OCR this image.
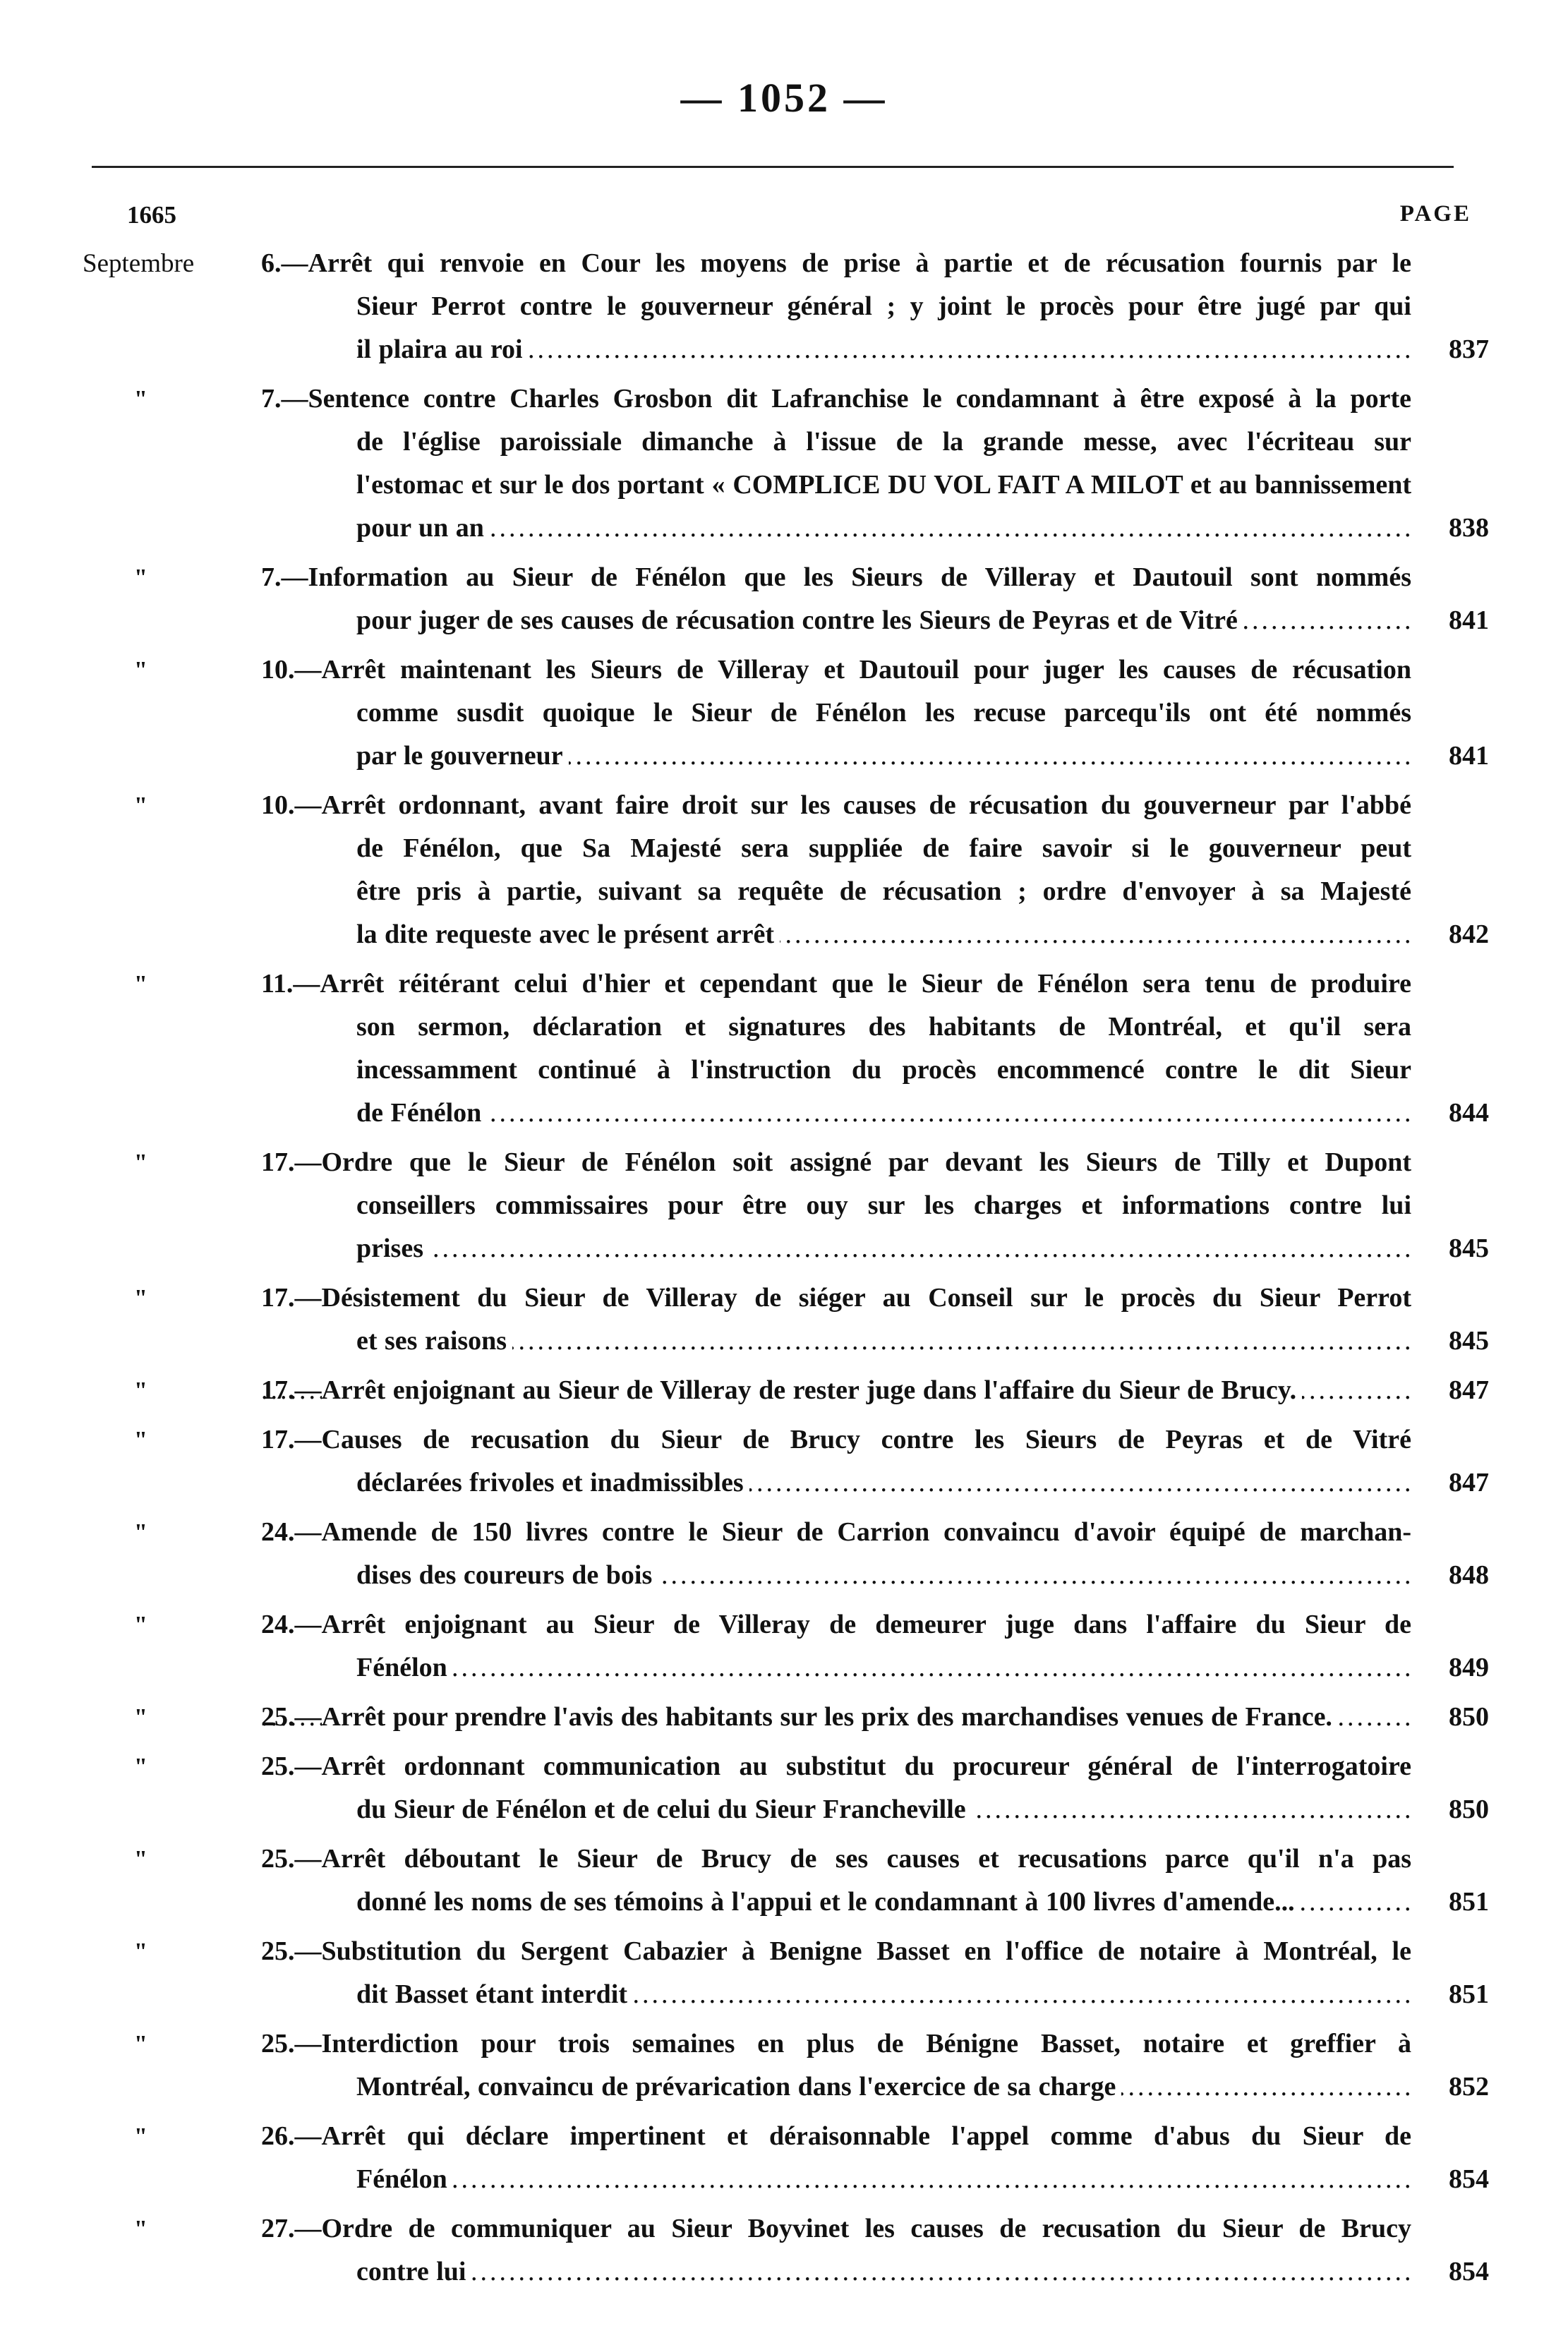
— 1052 —
1665	PAGE
Septembre 6.—Arrêt qui renvoie en Cour les moyens de prise à partie et de récusation fournis par le
Sieur Perrot contre le gouverneur général ; y joint le procès pour être jugé par qui
il plaira au roi .....	837
"	7.—Sentence contre Charles Grosbon dit Lafranchise le condamnant à être exposé à la porte
de l'église paroissiale dimanche à l'issue de la grande messe, avec l'écriteau sur
l'estomac et sur le dos portant « COMPLICE DU VOL FAIT A MILOT et au bannissement
pour un an .....	838
"	7.—Information au Sieur de Fénélon que les Sieurs de Villeray et Dautouil sont nommés
pour juger de ses causes de récusation contre les Sieurs de Peyras et de Vitré .....	841
"	10.—Arrêt maintenant les Sieurs de Villeray et Dautouil pour juger les causes de récusation
comme susdit quoique le Sieur de Fénélon les recuse parcequ'ils ont été nommés
par le gouverneur .....	841
"	10.—Arrêt ordonnant, avant faire droit sur les causes de récusation du gouverneur par l'abbé
de Fénélon, que Sa Majesté sera suppliée de faire savoir si le gouverneur peut
être pris à partie, suivant sa requête de récusation ; ordre d'envoyer à sa Majesté
la dite requeste avec le présent arrêt .....	842
"	11.—Arrêt réitérant celui d'hier et cependant que le Sieur de Fénélon sera tenu de produire
son sermon, déclaration et signatures des habitants de Montréal, et qu'il sera
incessamment continué à l'instruction du procès encommencé contre le dit Sieur
de Fénélon .....	844
"	17.—Ordre que le Sieur de Fénélon soit assigné par devant les Sieurs de Tilly et Dupont
conseillers commissaires pour être ouy sur les charges et informations contre lui
prises .....	845
"	17.—Désistement du Sieur de Villeray de siéger au Conseil sur le procès du Sieur Perrot
et ses raisons .....	845
"	17.—Arrêt enjoignant au Sieur de Villeray de rester juge dans l'affaire du Sieur de Brucy. .....	847
"	17.—Causes de recusation du Sieur de Brucy contre les Sieurs de Peyras et de Vitré
déclarées frivoles et inadmissibles .....	847
"	24.—Amende de 150 livres contre le Sieur de Carrion convaincu d'avoir équipé de marchan-
dises des coureurs de bois .....	848
"	24.—Arrêt enjoignant au Sieur de Villeray de demeurer juge dans l'affaire du Sieur de
Fénélon .....	849
"	25.—Arrêt pour prendre l'avis des habitants sur les prix des marchandises venues de France. .....	850
"	25.—Arrêt ordonnant communication au substitut du procureur général de l'interrogatoire
du Sieur de Fénélon et de celui du Sieur Francheville .....	850
"	25.—Arrêt déboutant le Sieur de Brucy de ses causes et recusations parce qu'il n'a pas
donné les noms de ses témoins à l'appui et le condamnant à 100 livres d'amende... .....	851
"	25.—Substitution du Sergent Cabazier à Benigne Basset en l'office de notaire à Montréal, le
dit Basset étant interdit .....	851
"	25.—Interdiction pour trois semaines en plus de Bénigne Basset, notaire et greffier à
Montréal, convaincu de prévarication dans l'exercice de sa charge .....	852
"	26.—Arrêt qui déclare impertinent et déraisonnable l'appel comme d'abus du Sieur de
Fénélon .....	854
"	27.—Ordre de communiquer au Sieur Boyvinet les causes de recusation du Sieur de Brucy
contre lui .....	854
